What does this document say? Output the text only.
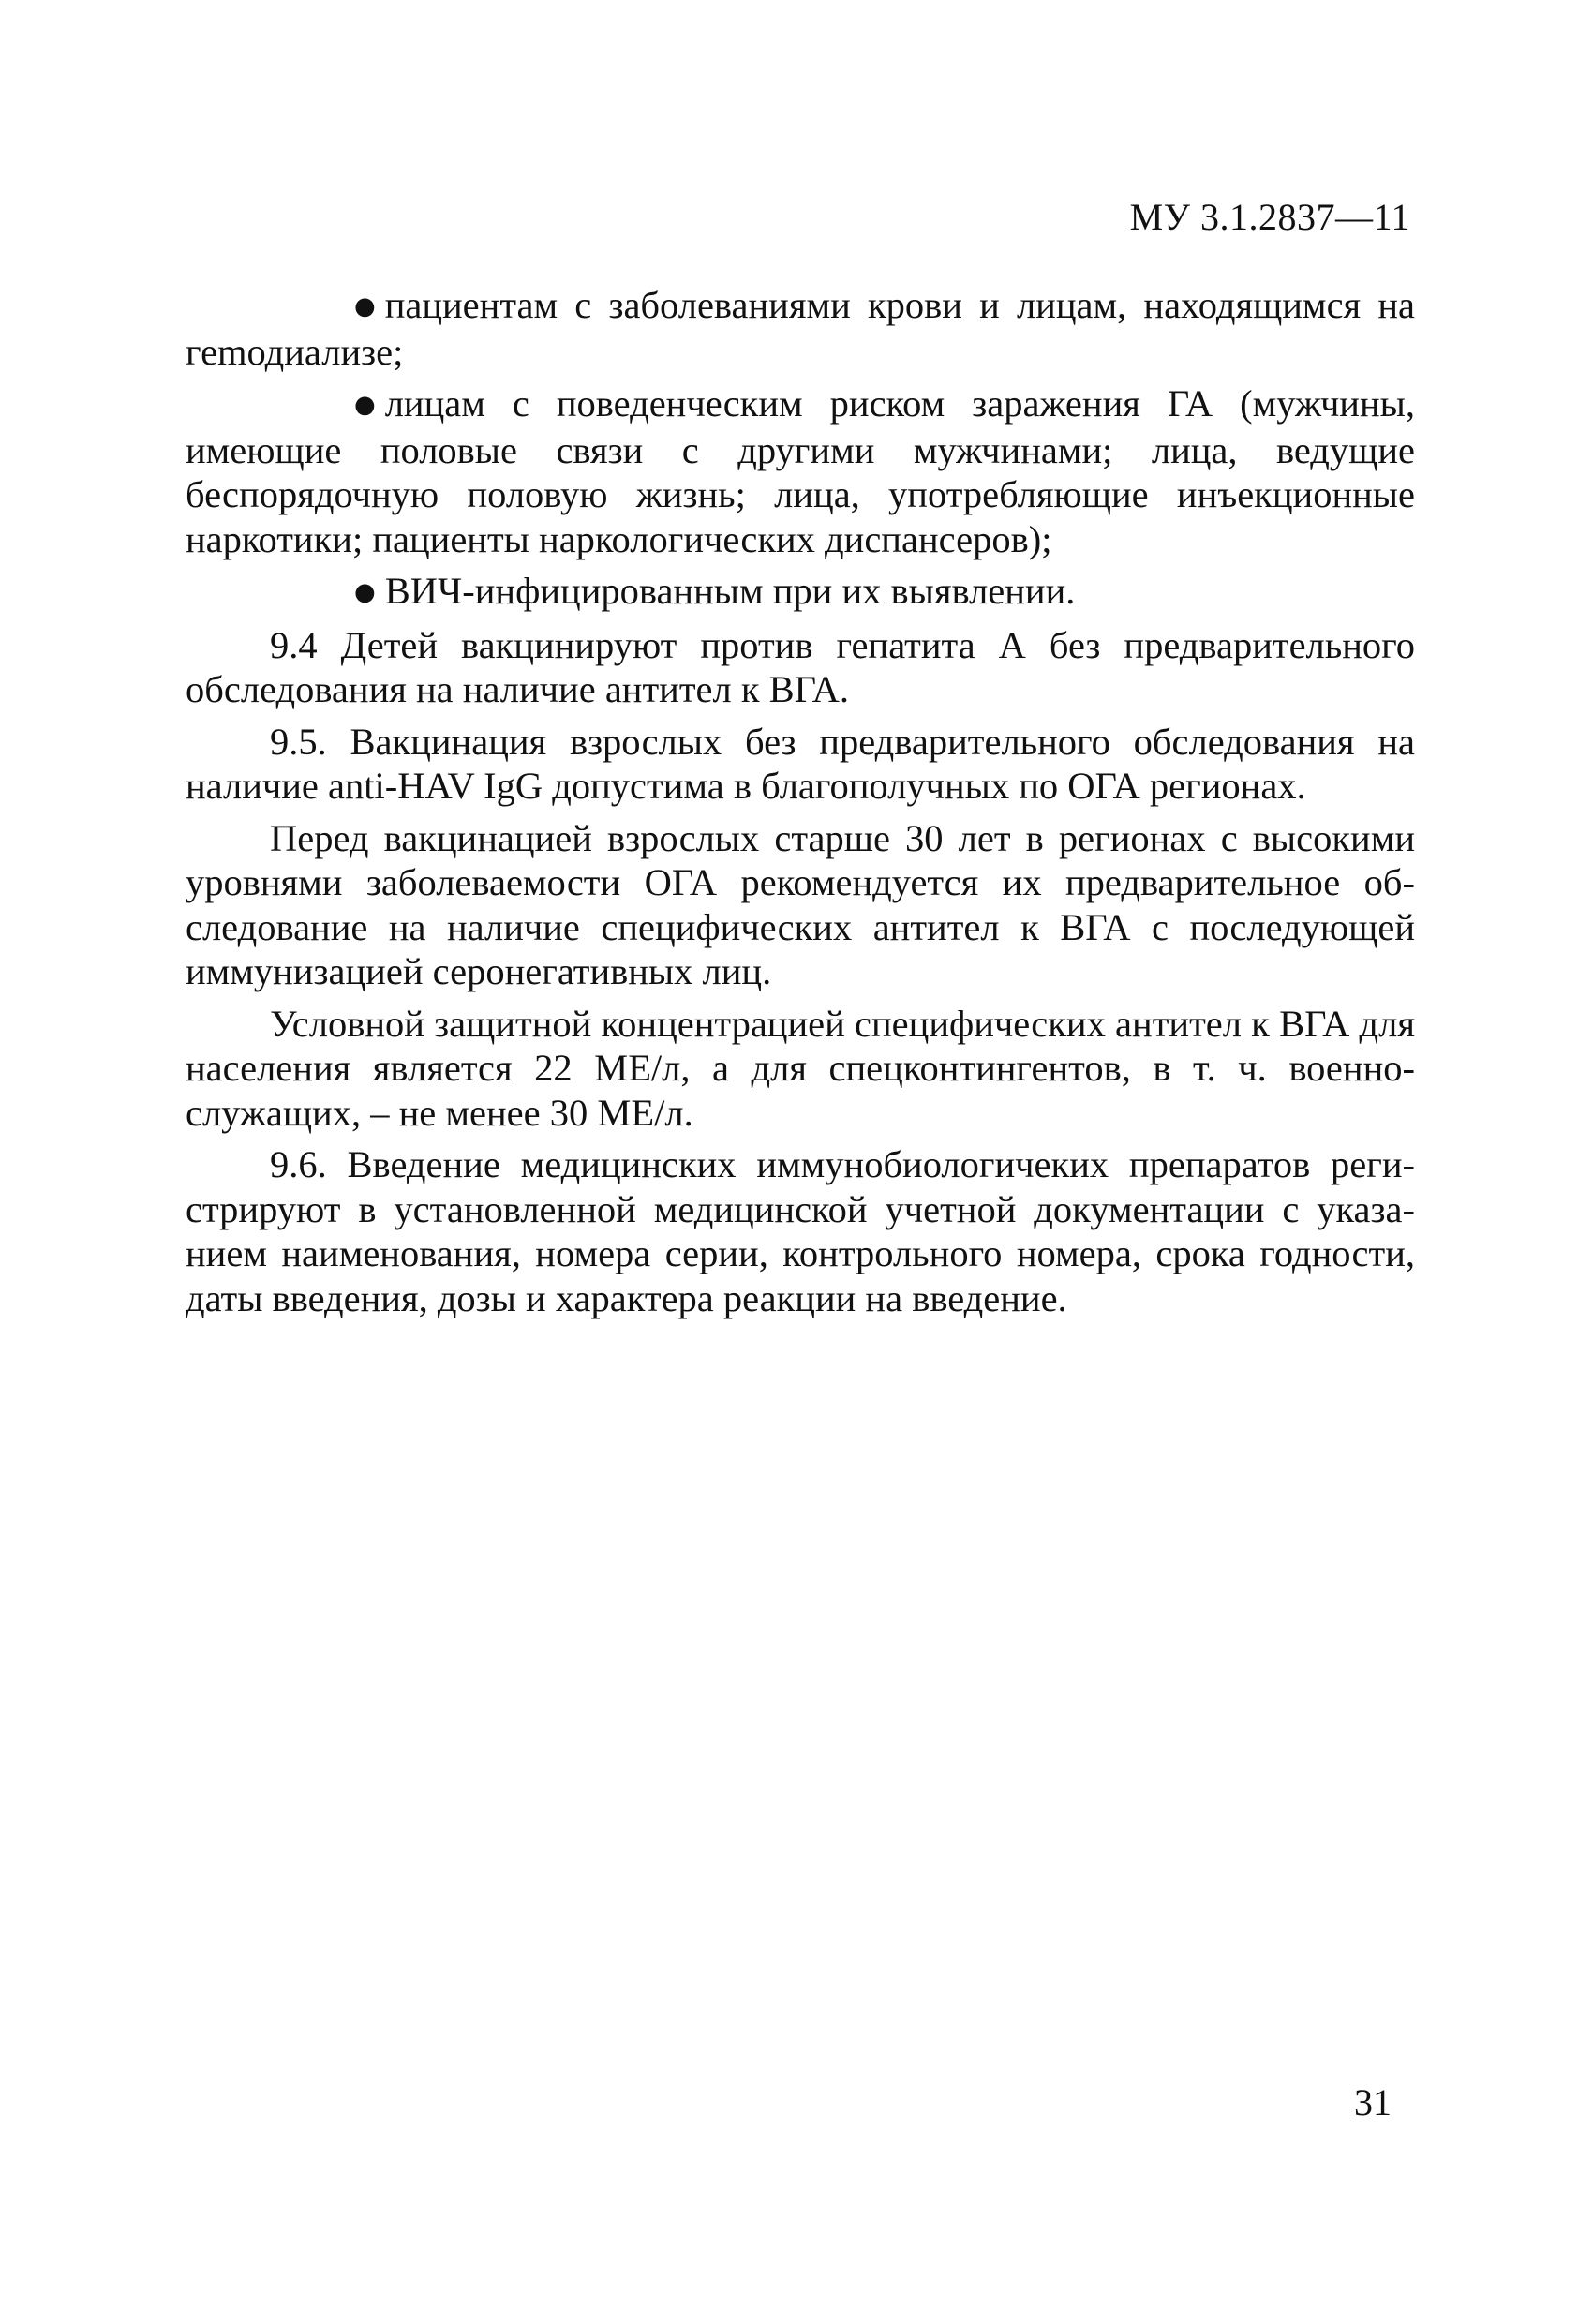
МУ 3.1.2837—11

● пациентам с заболеваниями крови и лицам, находящимся на геmодиализе;

● лицам с поведенческим риском заражения ГА (мужчины, имеющие половые связи с другими мужчинами; лица, ведущие беспорядочную половую жизнь; лица, употребляющие инъекционные наркотики; пациенты наркологических диспансеров);

● ВИЧ-инфицированным при их выявлении.

9.4 Детей вакцинируют против гепатита А без предварительного обследования на наличие антител к ВГА.

9.5. Вакцинация взрослых без предварительного обследования на наличие anti-HAV IgG допустима в благополучных по ОГА регионах.

Перед вакцинацией взрослых старше 30 лет в регионах с высокими уровнями заболеваемости ОГА рекомендуется их предварительное обследование на наличие специфических антител к ВГА с последующей иммунизацией серонегативных лиц.

Условной защитной концентрацией специфических антител к ВГА для населения является 22 МЕ/л, а для спецконтингентов, в т. ч. военнослужащих, – не менее 30 МЕ/л.

9.6. Введение медицинских иммунобиологичеких препаратов регистрируют в установленной медицинской учетной документации с указанием наименования, номера серии, контрольного номера, срока годности, даты введения, дозы и характера реакции на введение.

31
